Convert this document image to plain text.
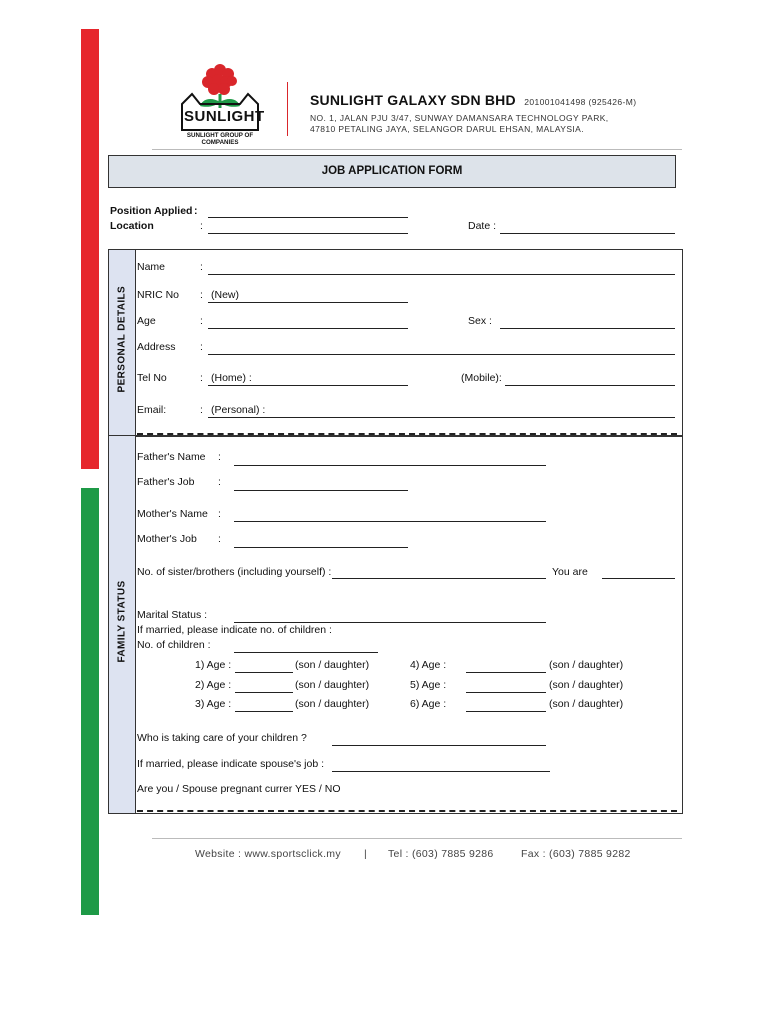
SUNLIGHT
SUNLIGHT GROUP OF COMPANIES
SUNLIGHT GALAXY SDN BHD 201001041498 (925426-M)
NO. 1, JALAN PJU 3/47, SUNWAY DAMANSARA TECHNOLOGY PARK,
47810 PETALING JAYA, SELANGOR DARUL EHSAN, MALAYSIA.
JOB APPLICATION FORM
Position Applied :
Location	:	Date :
PERSONAL DETAILS
Name	:
NRIC No : (New)
Age	:	Sex :
Address :
Tel No	: (Home) :	(Mobile):
Email:	: (Personal) :
FAMILY STATUS
Father's Name :
Father's Job :
Mother's Name :
Mother's Job :
No. of sister/brothers (including yourself) :	You are
Marital Status :
If married, please indicate no. of children :
No. of children :
1) Age :	(son / daughter)	4) Age :	(son / daughter)
2) Age :	(son / daughter)	5) Age :	(son / daughter)
3) Age :	(son / daughter)	6) Age :	(son / daughter)
Who is taking care of your children ?
If married, please indicate spouse's job :
Are you / Spouse pregnant currer YES / NO
Website : www.sportsclick.my | Tel : (603) 7885 9286	Fax : (603) 7885 9282
